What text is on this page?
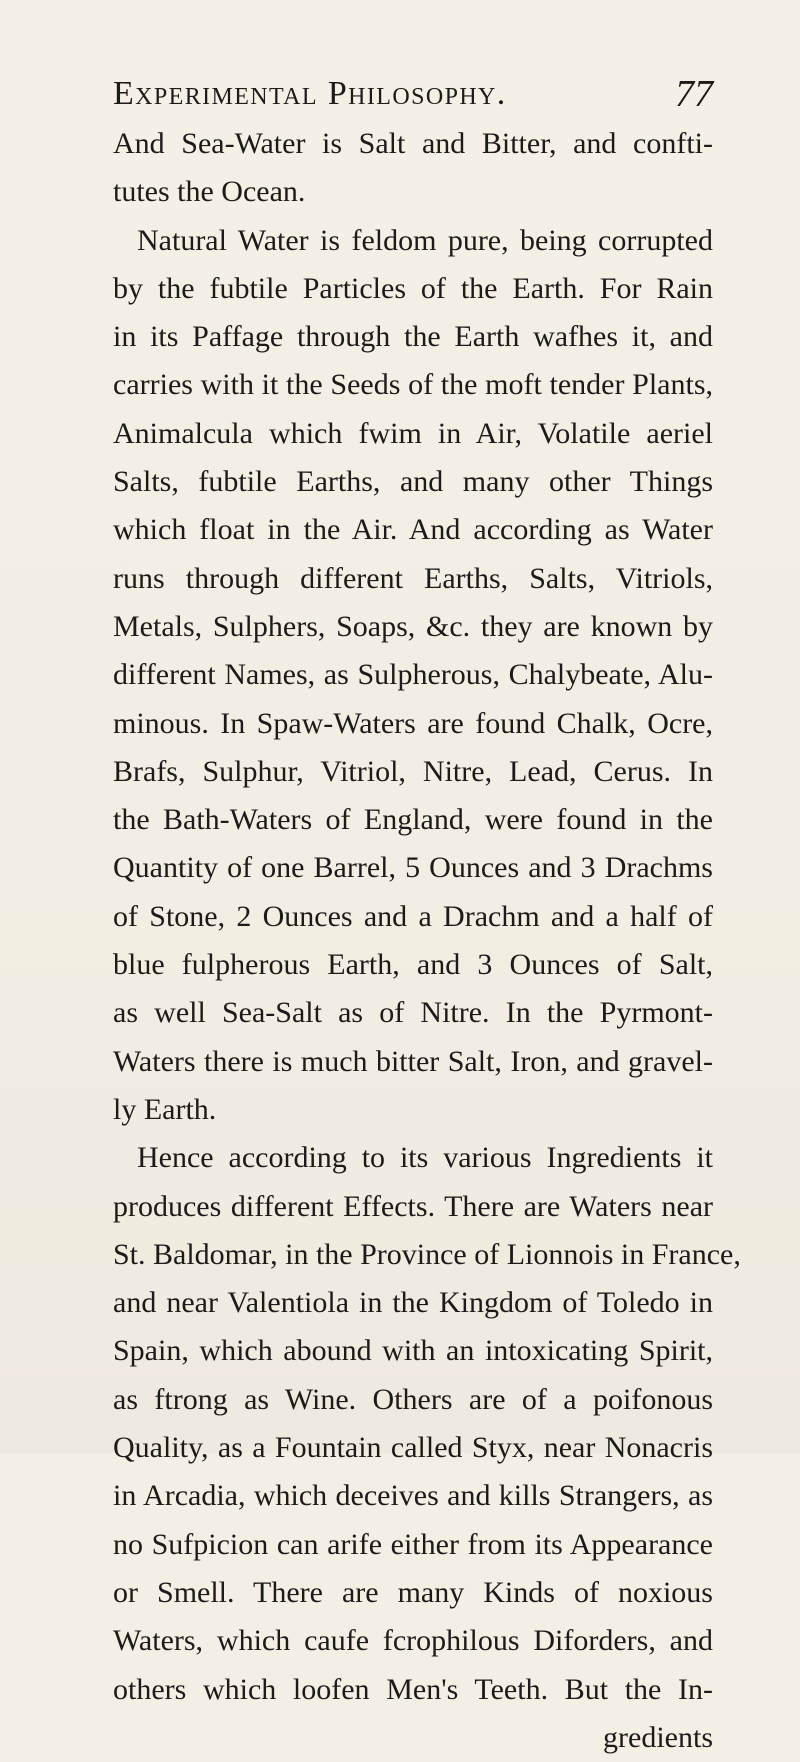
Experimental Philosophy.	77
And Sea-Water is Salt and Bitter, and confti-
tutes the Ocean.
Natural Water is feldom pure, being corrupted
by the fubtile Particles of the Earth. For Rain
in its Paffage through the Earth wafhes it, and
carries with it the Seeds of the moft tender Plants,
Animalcula which fwim in Air, Volatile aeriel
Salts, fubtile Earths, and many other Things
which float in the Air. And according as Water
runs through different Earths, Salts, Vitriols,
Metals, Sulphers, Soaps, &c. they are known by
different Names, as Sulpherous, Chalybeate, Alu-
minous. In Spaw-Waters are found Chalk, Ocre,
Brafs, Sulphur, Vitriol, Nitre, Lead, Cerus. In
the Bath-Waters of England, were found in the
Quantity of one Barrel, 5 Ounces and 3 Drachms
of Stone, 2 Ounces and a Drachm and a half of
blue fulpherous Earth, and 3 Ounces of Salt,
as well Sea-Salt as of Nitre. In the Pyrmont-
Waters there is much bitter Salt, Iron, and gravel-
ly Earth.
Hence according to its various Ingredients it
produces different Effects. There are Waters near
St. Baldomar, in the Province of Lionnois in France,
and near Valentiola in the Kingdom of Toledo in
Spain, which abound with an intoxicating Spirit,
as ftrong as Wine. Others are of a poifonous
Quality, as a Fountain called Styx, near Nonacris
in Arcadia, which deceives and kills Strangers, as
no Sufpicion can arife either from its Appearance
or Smell. There are many Kinds of noxious
Waters, which caufe fcrophilous Diforders, and
others which loofen Men's Teeth. But the In-
gredients
